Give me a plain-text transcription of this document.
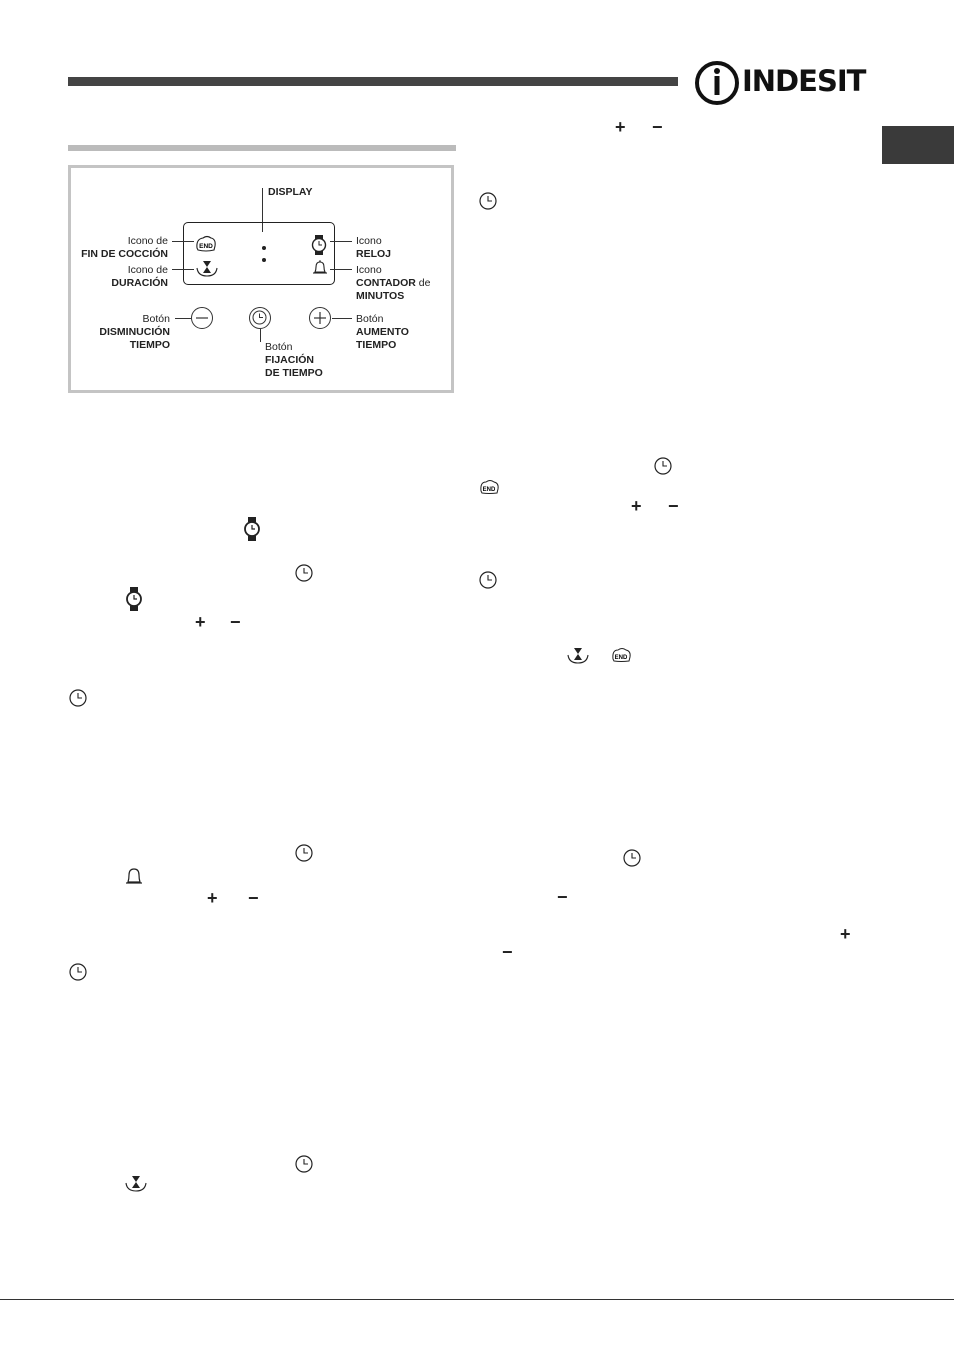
INDESIT
DISPLAY
Icono de
FIN DE COCCIÓN
END
Icono de
DURACIÓN
Icono
RELOJ
Icono
CONTADOR de
MINUTOS
Botón
DISMINUCIÓN
TIEMPO	Botón
FIJACIÓN
DE TIEMPO
Botón
AUMENTO
TIEMPO
+ −
+ −
+ −
END
+ −
END
−
+
−
